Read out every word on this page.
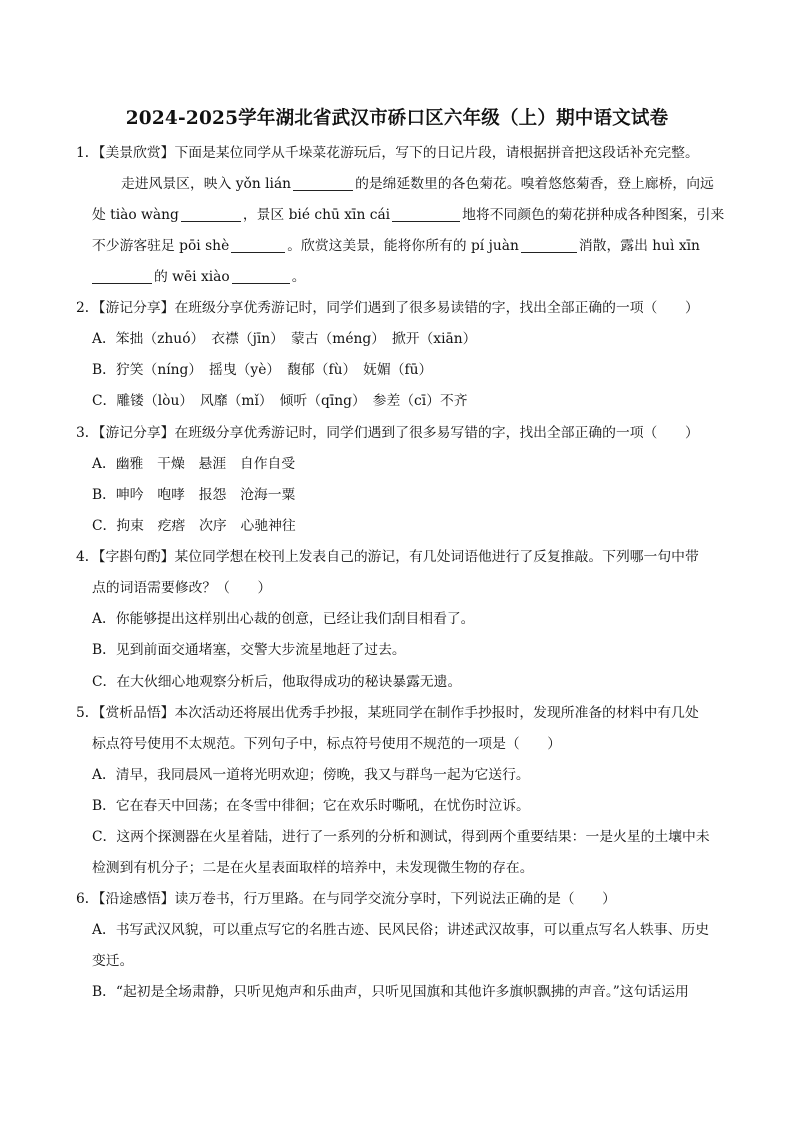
2024-2025学年湖北省武汉市硚口区六年级（上）期中语文试卷
1．【美景欣赏】下面是某位同学从千垛菜花游玩后，写下的日记片段，请根据拼音把这段话补充完整。
走进风景区，映入 yǒn lián	的是绵延数里的各色菊花。嗅着悠悠菊香，登上廊桥，向远
处 tiào wàng	，景区 bié chū xīn cái	地将不同颜色的菊花拼种成各种图案，引来
不少游客驻足 pōi shè	。欣赏这美景，能将你所有的 pí juàn	消散，露出 huì xīn
的 wēi xiào	。
2．【游记分享】在班级分享优秀游记时，同学们遇到了很多易读错的字，找出全部正确的一项（　　）
A．笨拙（zhuó）　衣襟（jīn）　蒙古（méng）　掀开（xiān）
B．狞笑（níng）　摇曳（yè）　馥郁（fù）　妩媚（fū）
C．雕镂（lòu）　风靡（mǐ）　倾听（qīng）　参差（cī）不齐
3．【游记分享】在班级分享优秀游记时，同学们遇到了很多易写错的字，找出全部正确的一项（　　）
A．幽雅　干燥　悬涯　自作自受
B．呻吟　咆哮　报怨　沧海一粟
C．拘束　疙瘩　次序　心驰神往
4．【字斟句酌】某位同学想在校刊上发表自己的游记，有几处词语他进行了反复推敲。下列哪一句中带
点的词语需要修改？（　　）
A．你能够提出这样别出心裁的创意，已经让我们刮目相看了。
B．见到前面交通堵塞，交警大步流星地赶了过去。
C．在大伙细心地观察分析后，他取得成功的秘诀暴露无遗。
5．【赏析品悟】本次活动还将展出优秀手抄报，某班同学在制作手抄报时，发现所准备的材料中有几处
标点符号使用不太规范。下列句子中，标点符号使用不规范的一项是（　　）
A．清早，我同晨风一道将光明欢迎；傍晚，我又与群鸟一起为它送行。
B．它在春天中回荡；在冬雪中徘徊；它在欢乐时嘶吼，在忧伤时泣诉。
C．这两个探测器在火星着陆，进行了一系列的分析和测试，得到两个重要结果：一是火星的土壤中未
检测到有机分子；二是在火星表面取样的培养中，未发现微生物的存在。
6．【沿途感悟】读万卷书，行万里路。在与同学交流分享时，下列说法正确的是（　　）
A．书写武汉风貌，可以重点写它的名胜古迹、民风民俗；讲述武汉故事，可以重点写名人轶事、历史
变迁。
B．“起初是全场肃静，只听见炮声和乐曲声，只听见国旗和其他许多旗帜飘拂的声音。”这句话运用
